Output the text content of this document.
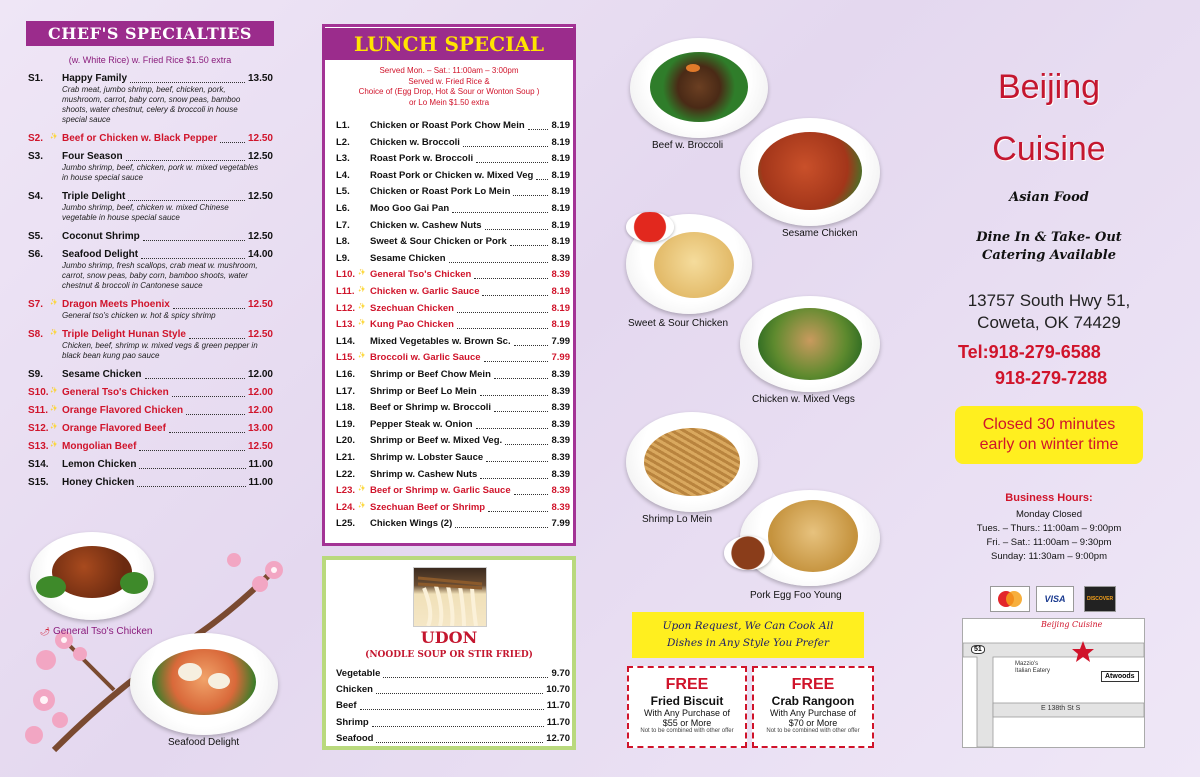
CHEF'S SPECIALTIES
(w. White Rice) w. Fried Rice $1.50 extra
S1. Happy Family	13.50
Crab meat, jumbo shrimp, beef, chicken, pork, mushroom, carrot, baby corn, snow peas, bamboo shoots, water chestnut, celery & broccoli in house special sauce
S2. ✨ Beef or Chicken w. Black Pepper	12.50
S3. Four Season	12.50
Jumbo shrimp, beef, chicken, pork w. mixed vegetables in house special sauce
S4. Triple Delight	12.50
Jumbo shrimp, beef, chicken w. mixed Chinese vegetable in house special sauce
S5. Coconut Shrimp	12.50
S6. Seafood Delight	14.00
Jumbo shrimp, fresh scallops, crab meat w. mushroom, carrot, snow peas, baby corn, bamboo shoots, water chestnut & broccoli in Cantonese sauce
S7. ✨ Dragon Meets Phoenix	12.50
General tso's chicken w. hot & spicy shrimp
S8. ✨ Triple Delight Hunan Style	12.50
Chicken, beef, shrimp w. mixed vegs & green pepper in black bean kung pao sauce
S9. Sesame Chicken	12.00
S10. ✨ General Tso's Chicken	12.00
S11. ✨ Orange Flavored Chicken	12.00
S12. ✨ Orange Flavored Beef	13.00
S13. ✨ Mongolian Beef	12.50
S14. Lemon Chicken	11.00
S15. Honey Chicken	11.00
🌶 General Tso's Chicken
Seafood Delight
LUNCH SPECIAL
Served Mon. – Sat.: 11:00am – 3:00pm
Served w. Fried Rice &
Choice of (Egg Drop, Hot & Sour or Wonton Soup )
or Lo Mein $1.50 extra
L1. Chicken or Roast Pork Chow Mein	8.19
L2. Chicken w. Broccoli	8.19
L3. Roast Pork w. Broccoli	8.19
L4. Roast Pork or Chicken w. Mixed Veg 8.19
L5. Chicken or Roast Pork Lo Mein	8.19
L6. Moo Goo Gai Pan	8.19
L7. Chicken w. Cashew Nuts	8.19
L8. Sweet & Sour Chicken or Pork	8.19
L9. Sesame Chicken	8.39
L10. ✨ General Tso's Chicken	8.39
L11. ✨ Chicken w. Garlic Sauce	8.19
L12. ✨ Szechuan Chicken	8.19
L13. ✨ Kung Pao Chicken	8.19
L14. Mixed Vegetables w. Brown Sc.	7.99
L15. ✨ Broccoli w. Garlic Sauce	7.99
L16. Shrimp or Beef Chow Mein	8.39
L17. Shrimp or Beef Lo Mein	8.39
L18. Beef or Shrimp w. Broccoli	8.39
L19. Pepper Steak w. Onion	8.39
L20. Shrimp or Beef w. Mixed Veg.	8.39
L21. Shrimp w. Lobster Sauce	8.39
L22. Shrimp w. Cashew Nuts	8.39
L23. ✨ Beef or Shrimp w. Garlic Sauce	8.39
L24. ✨ Szechuan Beef or Shrimp	8.39
L25. Chicken Wings (2)	7.99
UDON
(NOODLE SOUP OR STIR FRIED)
Vegetable	9.70
Chicken	10.70
Beef	11.70
Shrimp	11.70
Seafood	12.70
Beef w. Broccoli
Sesame Chicken
Sweet & Sour Chicken
Chicken w. Mixed Vegs
Shrimp Lo Mein
Pork Egg Foo Young
Upon Request, We Can Cook All
Dishes in Any Style You Prefer
FREE
Fried Biscuit
With Any Purchase of
$55 or More
Not to be combined with other offer
FREE
Crab Rangoon
With Any Purchase of
$70 or More
Not to be combined with other offer
Beijing
Cuisine
Asian Food
Dine In & Take- Out
Catering Available
13757 South Hwy 51,
Coweta, OK 74429
Tel:918-279-6588
918-279-7288
Closed 30 minutes
early on winter time
Business Hours:
Monday Closed
Tues. – Thurs.: 11:00am – 9:00pm
Fri. – Sat.: 11:00am – 9:30pm
Sunday: 11:30am – 9:00pm
VISA	DISCOVER
Beijing Cuisine
51
Mazzio's Italian Eatery
Atwoods
E 138th St S
